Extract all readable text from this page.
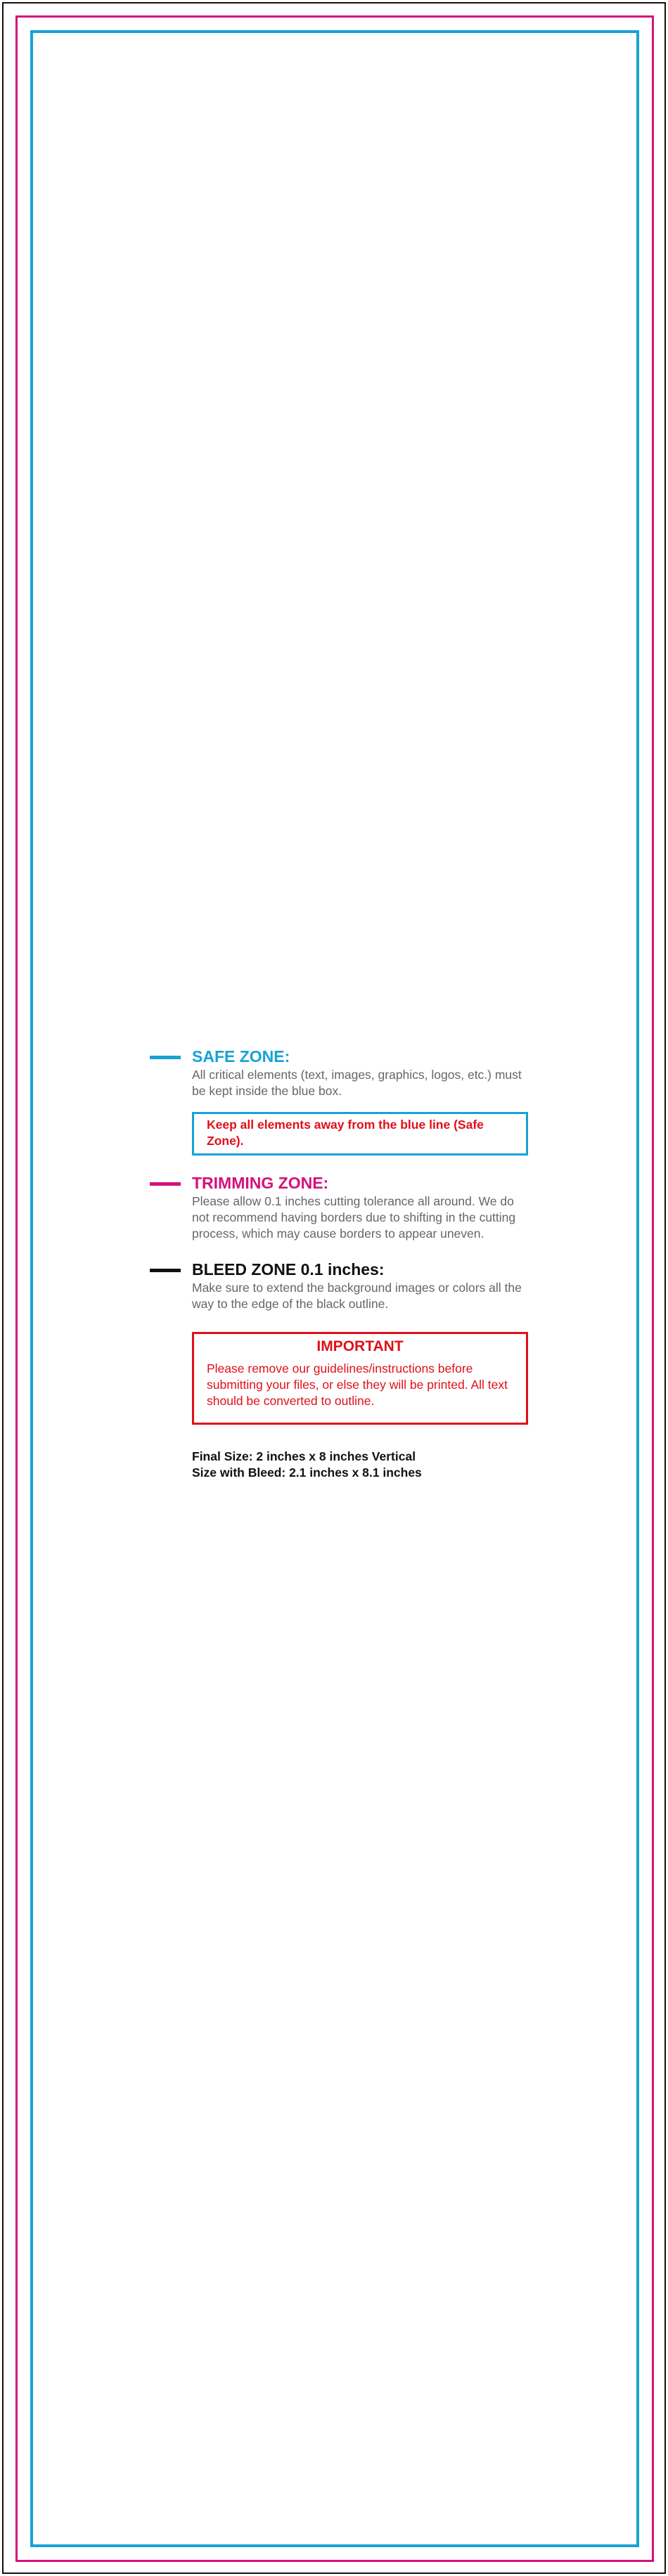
SAFE ZONE:
All critical elements (text, images, graphics, logos, etc.) must be kept inside the blue box.
Keep all elements away from the blue line (Safe Zone).
TRIMMING ZONE:
Please allow 0.1 inches cutting tolerance all around. We do not recommend having borders due to shifting in the cutting process, which may cause borders to appear uneven.
BLEED ZONE 0.1 inches:
Make sure to extend the background images or colors all the way to the edge of the black outline.
IMPORTANT
Please remove our guidelines/instructions before submitting your files, or else they will be printed. All text should be converted to outline.
Final Size: 2 inches x 8 inches Vertical
Size with Bleed: 2.1 inches x 8.1 inches
